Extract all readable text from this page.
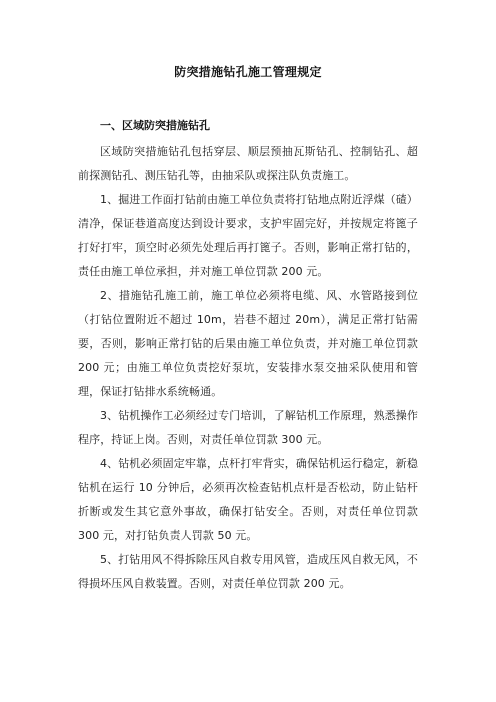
防突措施钻孔施工管理规定
一、区域防突措施钻孔

区域防突措施钻孔包括穿层、顺层预抽瓦斯钻孔、控制钻孔、超前探测钻孔、测压钻孔等，由抽采队或探注队负责施工。

1、掘进工作面打钻前由施工单位负责将打钻地点附近浮煤（碴）清净，保证巷道高度达到设计要求，支护牢固完好，并按规定将篦子打好打牢，顶空时必须先处理后再打篦子。否则，影响正常打钻的，责任由施工单位承担，并对施工单位罚款 200 元。

2、措施钻孔施工前，施工单位必须将电缆、风、水管路接到位（打钻位置附近不超过 10m，岩巷不超过 20m），满足正常打钻需要，否则，影响正常打钻的后果由施工单位负责，并对施工单位罚款 200 元；由施工单位负责挖好泵坑，安装排水泵交抽采队使用和管理，保证打钻排水系统畅通。

3、钻机操作工必须经过专门培训，了解钻机工作原理，熟悉操作程序，持证上岗。否则，对责任单位罚款 300 元。

4、钻机必须固定牢靠，点杆打牢背实，确保钻机运行稳定，新稳钻机在运行 10 分钟后，必须再次检查钻机点杆是否松动，防止钻杆折断或发生其它意外事故，确保打钻安全。否则，对责任单位罚款 300 元，对打钻负责人罚款 50 元。

5、打钻用风不得拆除压风自救专用风管，造成压风自救无风，不得损坏压风自救装置。否则，对责任单位罚款 200 元。
